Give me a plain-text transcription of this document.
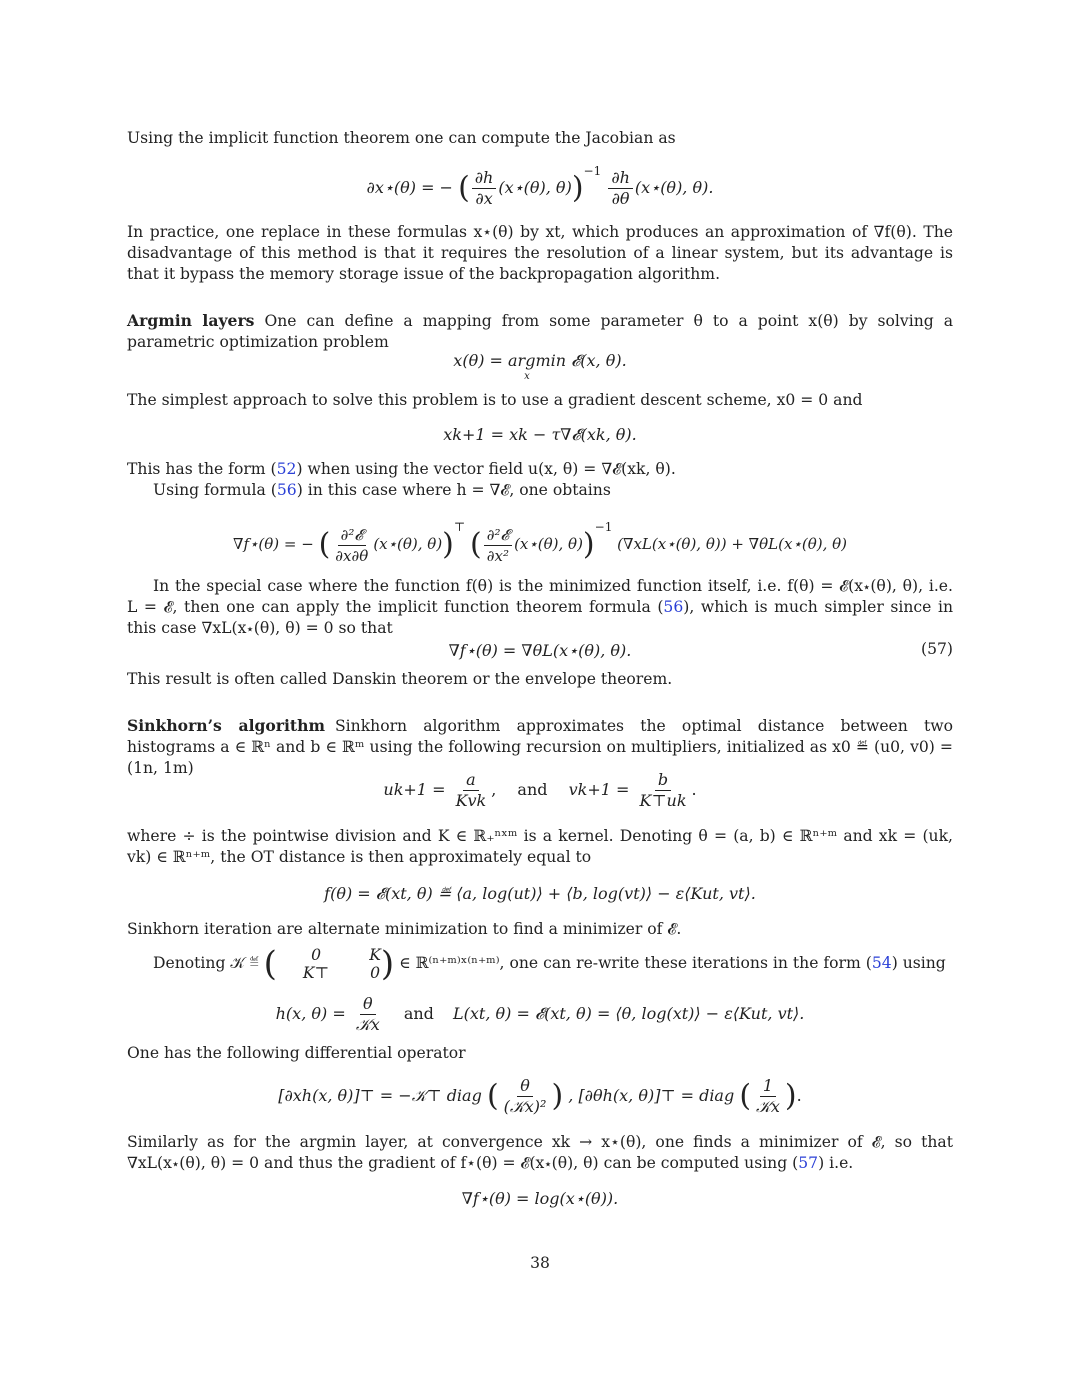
Using the implicit function theorem one can compute the Jacobian as
∂x⋆(θ) = − ( $\frac{\partial h}{\partial x}$ (x⋆(θ), $\theta))^{-1} \frac{\partial h}{\partial\theta}$ (x⋆(θ), θ).
In practice, one replace in these formulas x⋆(θ) by xt, which produces an approximation of ∇f(θ). The disadvantage of this method is that it requires the resolution of a linear system, but its advantage is that it bypass the memory storage issue of the backpropagation algorithm.
Argmin layers One can define a mapping from some parameter θ to a point x(θ) by solving a parametric optimization problem
x(θ) = argmin 𝓔(x, θ).
x
The simplest approach to solve this problem is to use a gradient descent scheme, x0 = 0 and
xk+1 = xk − τ∇𝓔(xk, θ).
This has the form (52) when using the vector field u(x, θ) = ∇𝓔(xk, θ).
Using formula (56) in this case where h = ∇𝓔, one obtains
∇f⋆(θ) = − ( $\frac{\text{∂²𝓔}}{\partial x\partial\theta}$ (x⋆(θ), θ))⊤ ( $\frac{\text{∂²𝓔}}{\text{∂x²}}$ (x⋆(θ), θ))$^{-1}$ (∇xL(x⋆(θ), θ)) + ∇θL(x⋆(θ), θ)
In the special case where the function f(θ) is the minimized function itself, i.e. f(θ) = 𝓔(x⋆(θ), θ), i.e. L = 𝓔, then one can apply the implicit function theorem formula (56), which is much simpler since in this case ∇xL(x⋆(θ), θ) = 0 so that
∇f⋆(θ) = ∇θL(x⋆(θ), θ).	(57)
This result is often called Danskin theorem or the envelope theorem.
Sinkhorn’s algorithm Sinkhorn algorithm approximates the optimal distance between two histograms a ∈ ℝⁿ and b ∈ ℝᵐ using the following recursion on multipliers, initialized as x0 ≝ (u0, v0) = (1n, 1m)
$uk+1 = \frac{a}{\text{Kvk}}$ , and $vk+1 = \frac{b}{K⊤uk}$ .
where ÷ is the pointwise division and K ∈ ℝ₊ⁿˣᵐ is a kernel. Denoting θ = (a, b) ∈ ℝⁿ⁺ᵐ and xk = (uk, vk) ∈ ℝⁿ⁺ᵐ, the OT distance is then approximately equal to
f(θ) = 𝓔(xt, θ) ≝ ⟨a, log(ut)⟩ + ⟨b, log(vt)⟩ − ε⟨Kut, vt⟩.
Sinkhorn iteration are alternate minimization to find a minimizer of 𝓔.
Denoting 𝒦 ≝ (	0	K
K⊤	0 ) ∈ ℝ⁽ⁿ⁺ᵐ⁾ˣ⁽ⁿ⁺ᵐ⁾, one can re-write these iterations in the form (54) using
h(x, $\theta) = \frac{\theta}{\text{𝒦x}}$ and L(xt, θ) = 𝓔(xt, θ) = ⟨θ, log(xt)⟩ − ε⟨Kut, vt⟩.
One has the following differential operator
[∂xh(x, θ)]⊤ = −𝒦⊤ diag ( $\frac{\theta}{\text{(𝒦x)²}}$ ) , [∂θh(x, θ)]⊤ = diag ( $\frac{1}{\text{𝒦x}}$ ).
Similarly as for the argmin layer, at convergence xk → x⋆(θ), one finds a minimizer of 𝓔, so that ∇xL(x⋆(θ), θ) = 0 and thus the gradient of f⋆(θ) = 𝓔(x⋆(θ), θ) can be computed using (57) i.e.
∇f⋆(θ) = log(x⋆(θ)).
38
